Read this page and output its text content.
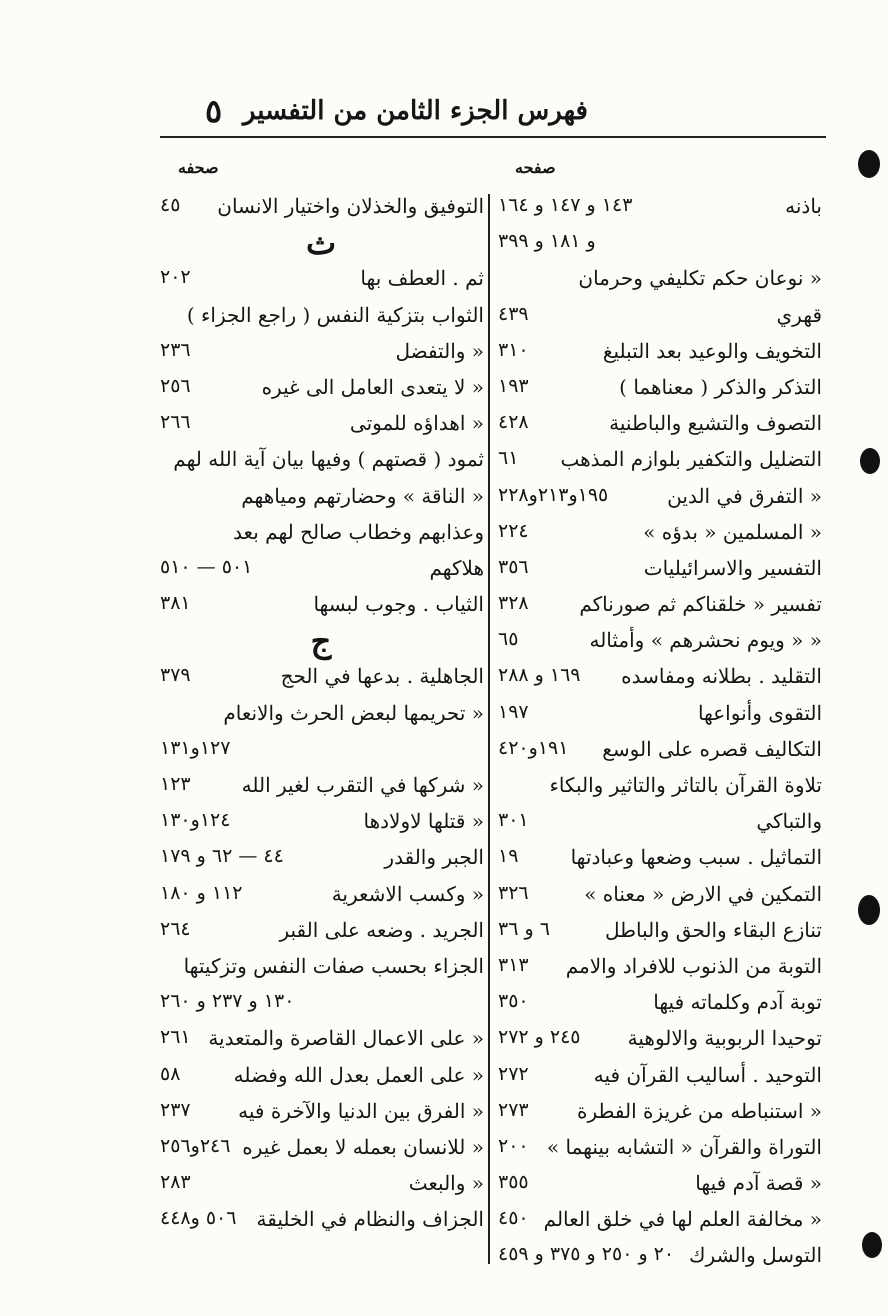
٥ فهرس الجزء الثامن من التفسير
صفحه
صحفه
باذنه
١٤٣ و ١٤٧ و ١٦٤
و ١٨١ و ٣٩٩
« نوعان حكم تكليفي وحرمان
قهري
٤٣٩
التخويف والوعيد بعد التبليغ
٣١٠
التذكر والذكر ( معناهما )
١٩٣
التصوف والتشيع والباطنية
٤٢٨
التضليل والتكفير بلوازم المذهب
٦١
« التفرق في الدين
١٩٥و٢١٣و٢٢٨
« المسلمين « بدؤه »
٢٢٤
التفسير والاسرائيليات
٣٥٦
تفسير « خلقناكم ثم صورناكم
٣٢٨
« « ويوم نحشرهم » وأمثاله
٦٥
التقليد . بطلانه ومفاسده
١٦٩ و ٢٨٨
التقوى وأنواعها
١٩٧
التكاليف قصره على الوسع
١٩١و٤٢٠
تلاوة القرآن بالتاثر والتاثير والبكاء
والتباكي
٣٠١
التماثيل . سبب وضعها وعبادتها
١٩
التمكين في الارض « معناه »
٣٢٦
تنازع البقاء والحق والباطل
٦ و ٣٦
التوبة من الذنوب للافراد والامم
٣١٣
توبة آدم وكلماته فيها
٣٥٠
توحيدا الربوبية والالوهية
٢٤٥ و ٢٧٢
التوحيد . أساليب القرآن فيه
٢٧٢
« استنباطه من غريزة الفطرة
٢٧٣
التوراة والقرآن « التشابه بينهما »
٢٠٠
« قصة آدم فيها
٣٥٥
« مخالفة العلم لها في خلق العالم
٤٥٠
التوسل والشرك
٢٠ و ٢٥٠ و ٣٧٥ و ٤٥٩
التوفيق والخذلان واختيار الانسان
٤٥
ث
ثم . العطف بها
٢٠٢
الثواب بتزكية النفس ( راجع الجزاء )
« والتفضل
٢٣٦
« لا يتعدى العامل الى غيره
٢٥٦
« اهداؤه للموتى
٢٦٦
ثمود ( قصتهم ) وفيها بيان آية الله لهم
« الناقة » وحضارتهم ومياههم
وعذابهم وخطاب صالح لهم بعد
هلاكهم
٥٠١ — ٥١٠
الثياب . وجوب لبسها
٣٨١
ج
الجاهلية . بدعها في الحج
٣٧٩
« تحريمها لبعض الحرث والانعام
١٢٧و١٣١
« شركها في التقرب لغير الله
١٢٣
« قتلها لاولادها
١٢٤و١٣٠
الجبر والقدر
٤٤ — ٦٢ و ١٧٩
« وكسب الاشعرية
١١٢ و ١٨٠
الجريد . وضعه على القبر
٢٦٤
الجزاء بحسب صفات النفس وتزكيتها
١٣٠ و ٢٣٧ و ٢٦٠
« على الاعمال القاصرة والمتعدية
٢٦١
« على العمل بعدل الله وفضله
٥٨
« الفرق بين الدنيا والآخرة فيه
٢٣٧
« للانسان بعمله لا بعمل غيره
٢٤٦و٢٥٦
« والبعث
٢٨٣
الجزاف والنظام في الخليقة
٥٠٦ و٤٤٨
